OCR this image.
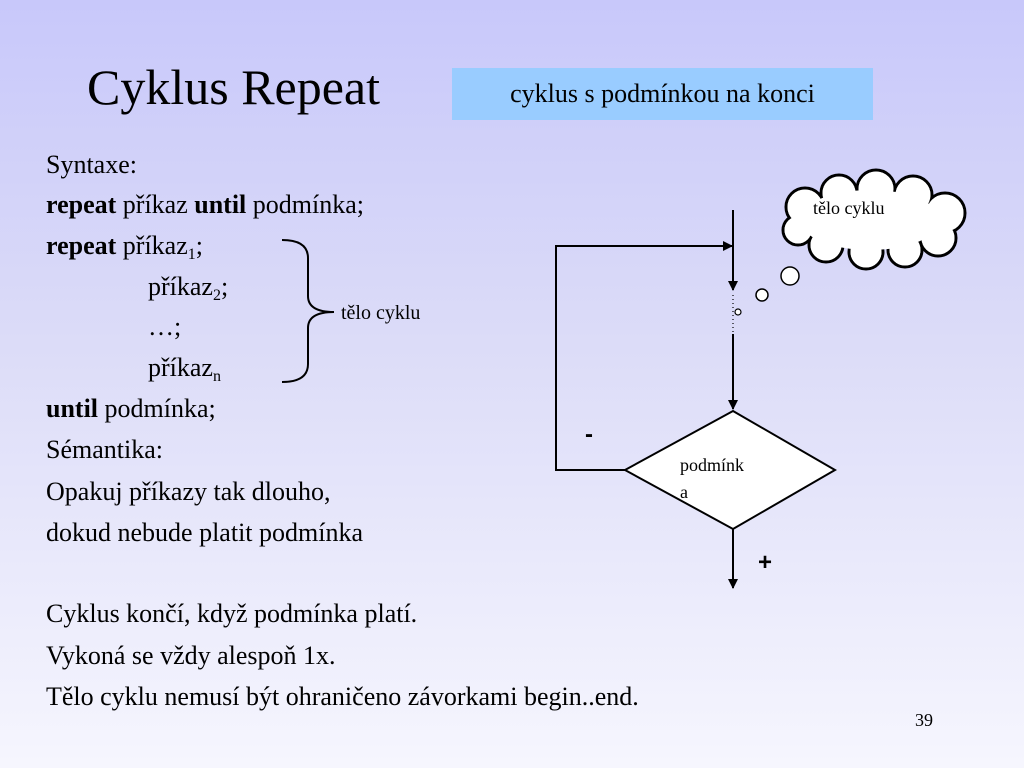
Cyklus Repeat	cyklus s podmínkou na konci
Syntaxe:
repeat příkaz until podmínka;
repeat příkaz$_1$;
příkaz$_2$;
…;
příkaz$_n$
until podmínka;
Sémantika:
Opakuj příkazy tak dlouho,
dokud nebude platit podmínka
Cyklus končí, když podmínka platí.
Vykoná se vždy alespoň 1x.
Tělo cyklu nemusí být ohraničeno závorkami begin..end.
tělo cyklu
tělo cyklu
podmínk
a
-
+
39
